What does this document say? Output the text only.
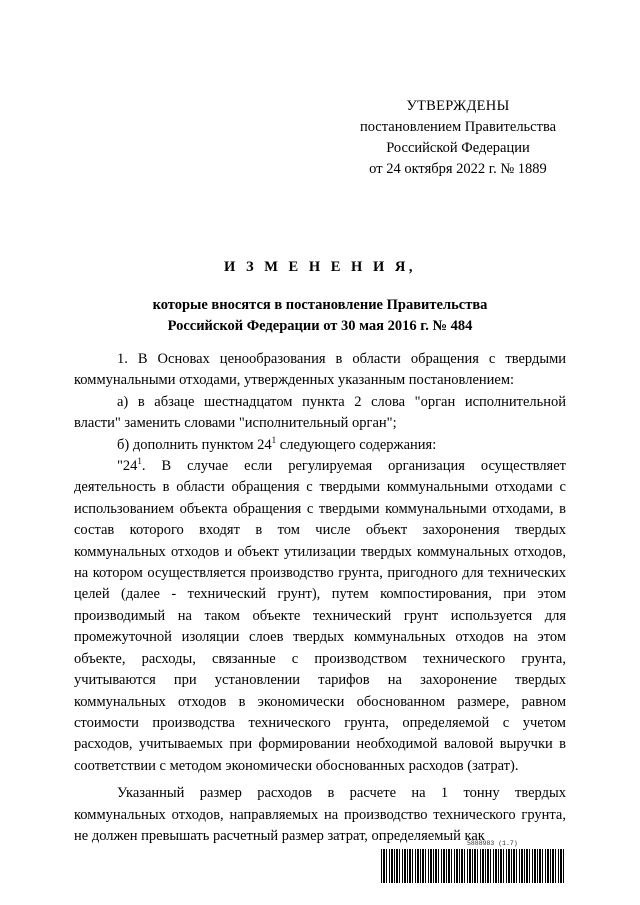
УТВЕРЖДЕНЫ
постановлением Правительства
Российской Федерации
от 24 октября 2022 г. № 1889
И З М Е Н Е Н И Я,
которые вносятся в постановление Правительства
Российской Федерации от 30 мая 2016 г. № 484

1. В Основах ценообразования в области обращения с твердыми коммунальными отходами, утвержденных указанным постановлением:

а) в абзаце шестнадцатом пункта 2 слова "орган исполнительной власти" заменить словами "исполнительный орган";

б) дополнить пунктом $24^1$ следующего содержания:

"$24^1$. В случае если регулируемая организация осуществляет деятельность в области обращения с твердыми коммунальными отходами с использованием объекта обращения с твердыми коммунальными отходами, в состав которого входят в том числе объект захоронения твердых коммунальных отходов и объект утилизации твердых коммунальных отходов, на котором осуществляется производство грунта, пригодного для технических целей (далее - технический грунт), путем компостирования, при этом производимый на таком объекте технический грунт используется для промежуточной изоляции слоев твердых коммунальных отходов на этом объекте, расходы, связанные с производством технического грунта, учитываются при установлении тарифов на захоронение твердых коммунальных отходов в экономически обоснованном размере, равном стоимости производства технического грунта, определяемой с учетом расходов, учитываемых при формировании необходимой валовой выручки в соответствии с методом экономически обоснованных расходов (затрат).

Указанный размер расходов в расчете на 1 тонну твердых коммунальных отходов, направляемых на производство технического грунта, не должен превышать расчетный размер затрат, определяемый как

5888983 (1.7)
